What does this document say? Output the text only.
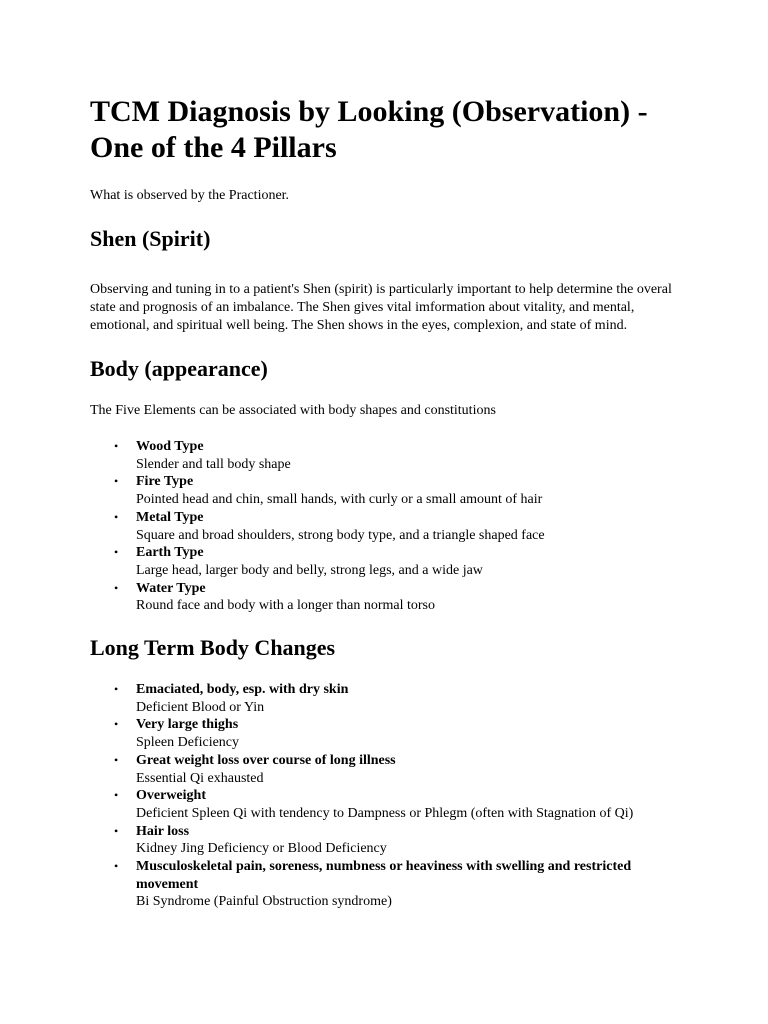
TCM Diagnosis by Looking (Observation) - One of the 4 Pillars

What is observed by the Practioner.

Shen (Spirit)

Observing and tuning in to a patient's Shen (spirit) is particularly important to help determine the overal state and prognosis of an imbalance. The Shen gives vital imformation about vitality, and mental, emotional, and spiritual well being. The Shen shows in the eyes, complexion, and state of mind.

Body (appearance)

The Five Elements can be associated with body shapes and constitutions

• Wood Type
Slender and tall body shape
• Fire Type
Pointed head and chin, small hands, with curly or a small amount of hair
• Metal Type
Square and broad shoulders, strong body type, and a triangle shaped face
• Earth Type
Large head, larger body and belly, strong legs, and a wide jaw
• Water Type
Round face and body with a longer than normal torso
Long Term Body Changes
• Emaciated, body, esp. with dry skin
Deficient Blood or Yin
• Very large thighs
Spleen Deficiency
• Great weight loss over course of long illness
Essential Qi exhausted
• Overweight
Deficient Spleen Qi with tendency to Dampness or Phlegm (often with Stagnation of Qi)
• Hair loss
Kidney Jing Deficiency or Blood Deficiency
• Musculoskeletal pain, soreness, numbness or heaviness with swelling and restricted movement
Bi Syndrome (Painful Obstruction syndrome)
